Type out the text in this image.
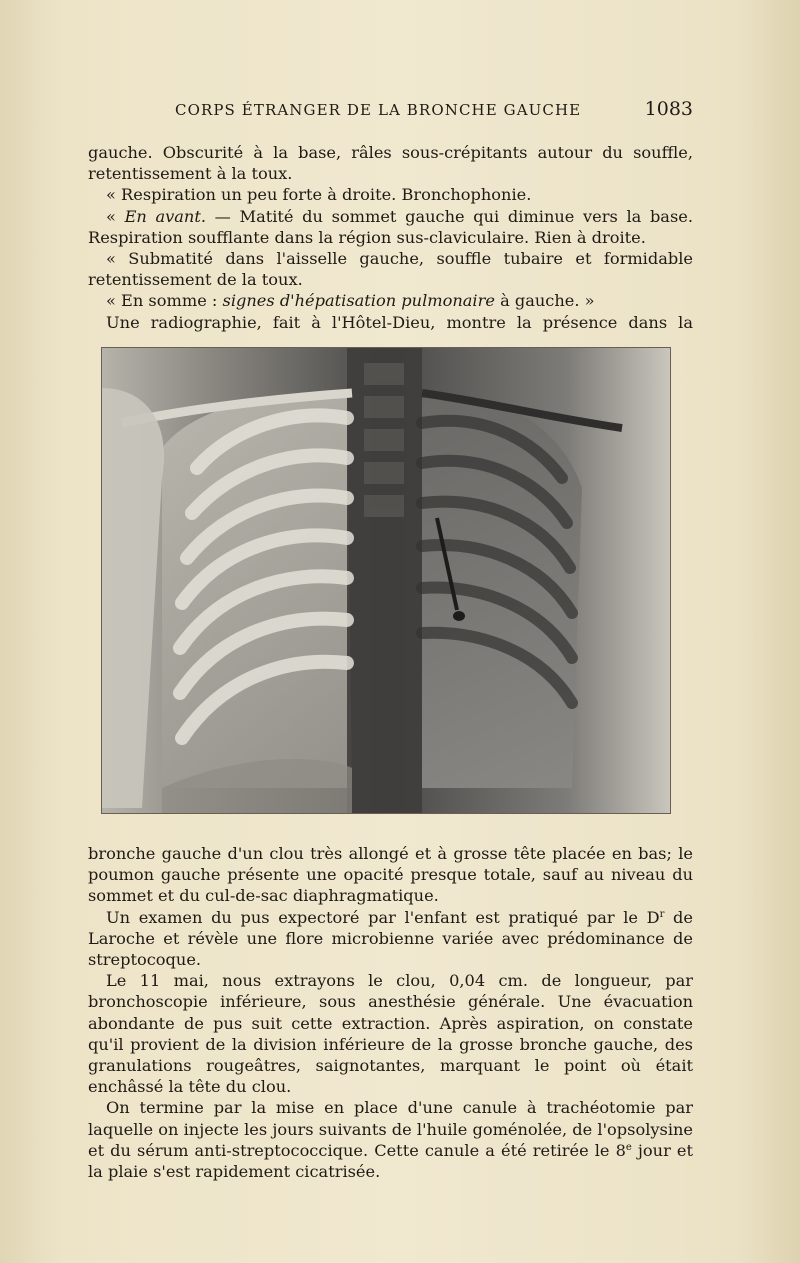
CORPS ÉTRANGER DE LA BRONCHE GAUCHE	1083

gauche. Obscurité à la base, râles sous-crépitants autour du souffle, retentissement à la toux.

« Respiration un peu forte à droite. Bronchophonie.

« En avant. — Matité du sommet gauche qui diminue vers la base. Respiration soufflante dans la région sus-claviculaire. Rien à droite.

« Submatité dans l'aisselle gauche, souffle tubaire et formidable retentissement de la toux.

« En somme : signes d'hépatisation pulmonaire à gauche. »

Une radiographie, fait à l'Hôtel-Dieu, montre la présence dans la

bronche gauche d'un clou très allongé et à grosse tête placée en bas; le poumon gauche présente une opacité presque totale, sauf au niveau du sommet et du cul-de-sac diaphragmatique.

Un examen du pus expectoré par l'enfant est pratiqué par le $D^r$ de Laroche et révèle une flore microbienne variée avec prédominance de streptocoque.

Le 11 mai, nous extrayons le clou, 0,04 cm. de longueur, par bronchoscopie inférieure, sous anesthésie générale. Une évacuation abondante de pus suit cette extraction. Après aspiration, on constate qu'il provient de la division inférieure de la grosse bronche gauche, des granulations rougeâtres, saignotantes, marquant le point où était enchâssé la tête du clou.

On termine par la mise en place d'une canule à trachéotomie par laquelle on injecte les jours suivants de l'huile goménolée, de l'opsolysine et du sérum anti-streptococcique. Cette canule a été retirée le 8e jour et la plaie s'est rapidement cicatrisée.
